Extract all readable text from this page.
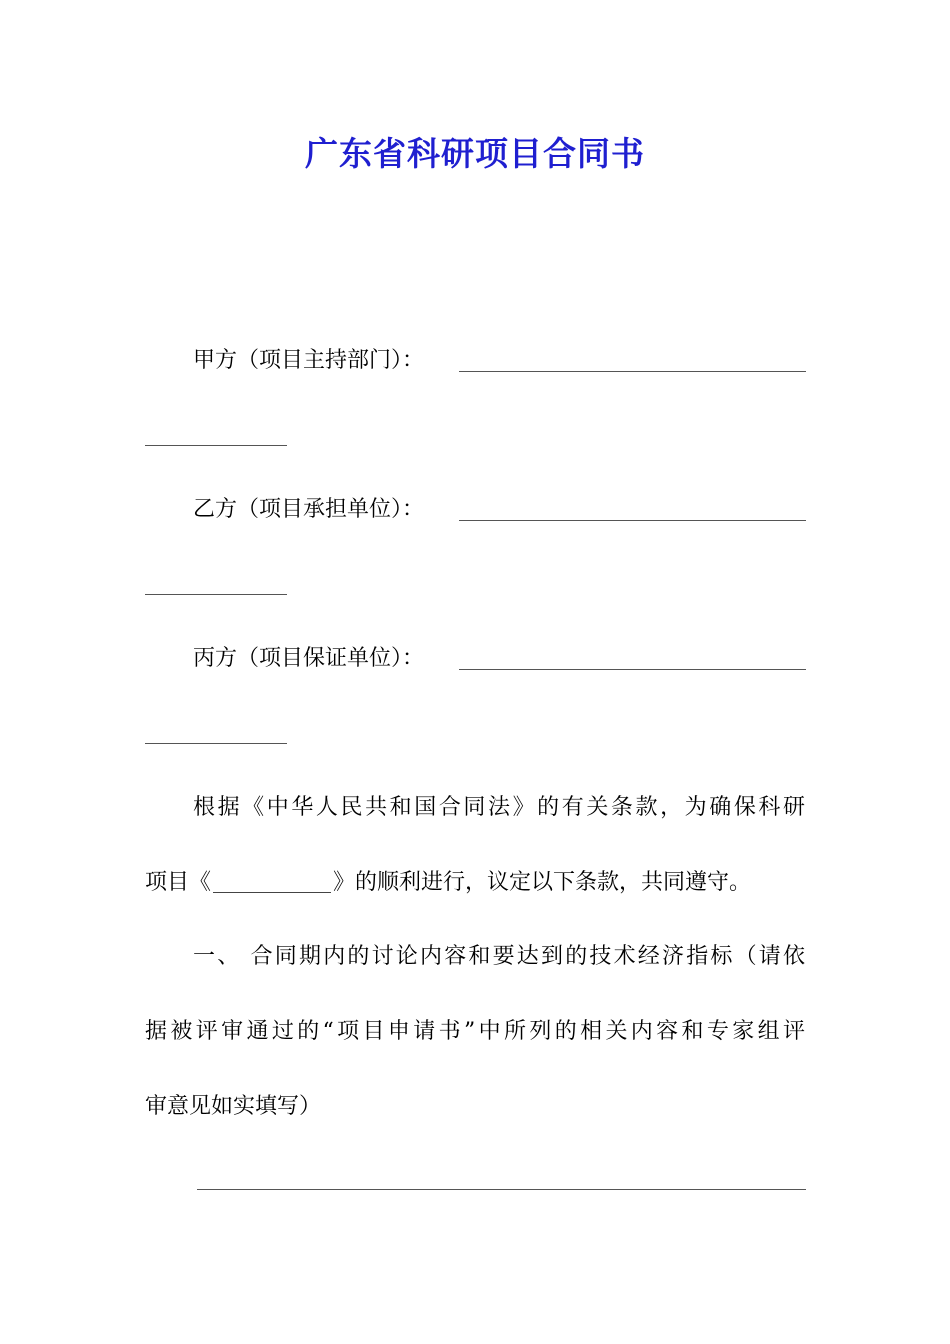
广东省科研项目合同书
甲方（项目主持部门）：
乙方（项目承担单位）：
丙方（项目保证单位）：
根据《中华人民共和国合同法》的有关条款，为确保科研
项目《	》的顺利进行，议定以下条款，共同遵守。
一、 合同期内的讨论内容和要达到的技术经济指标（请依
据被评审通过的“项目申请书”中所列的相关内容和专家组评
审意见如实填写）
